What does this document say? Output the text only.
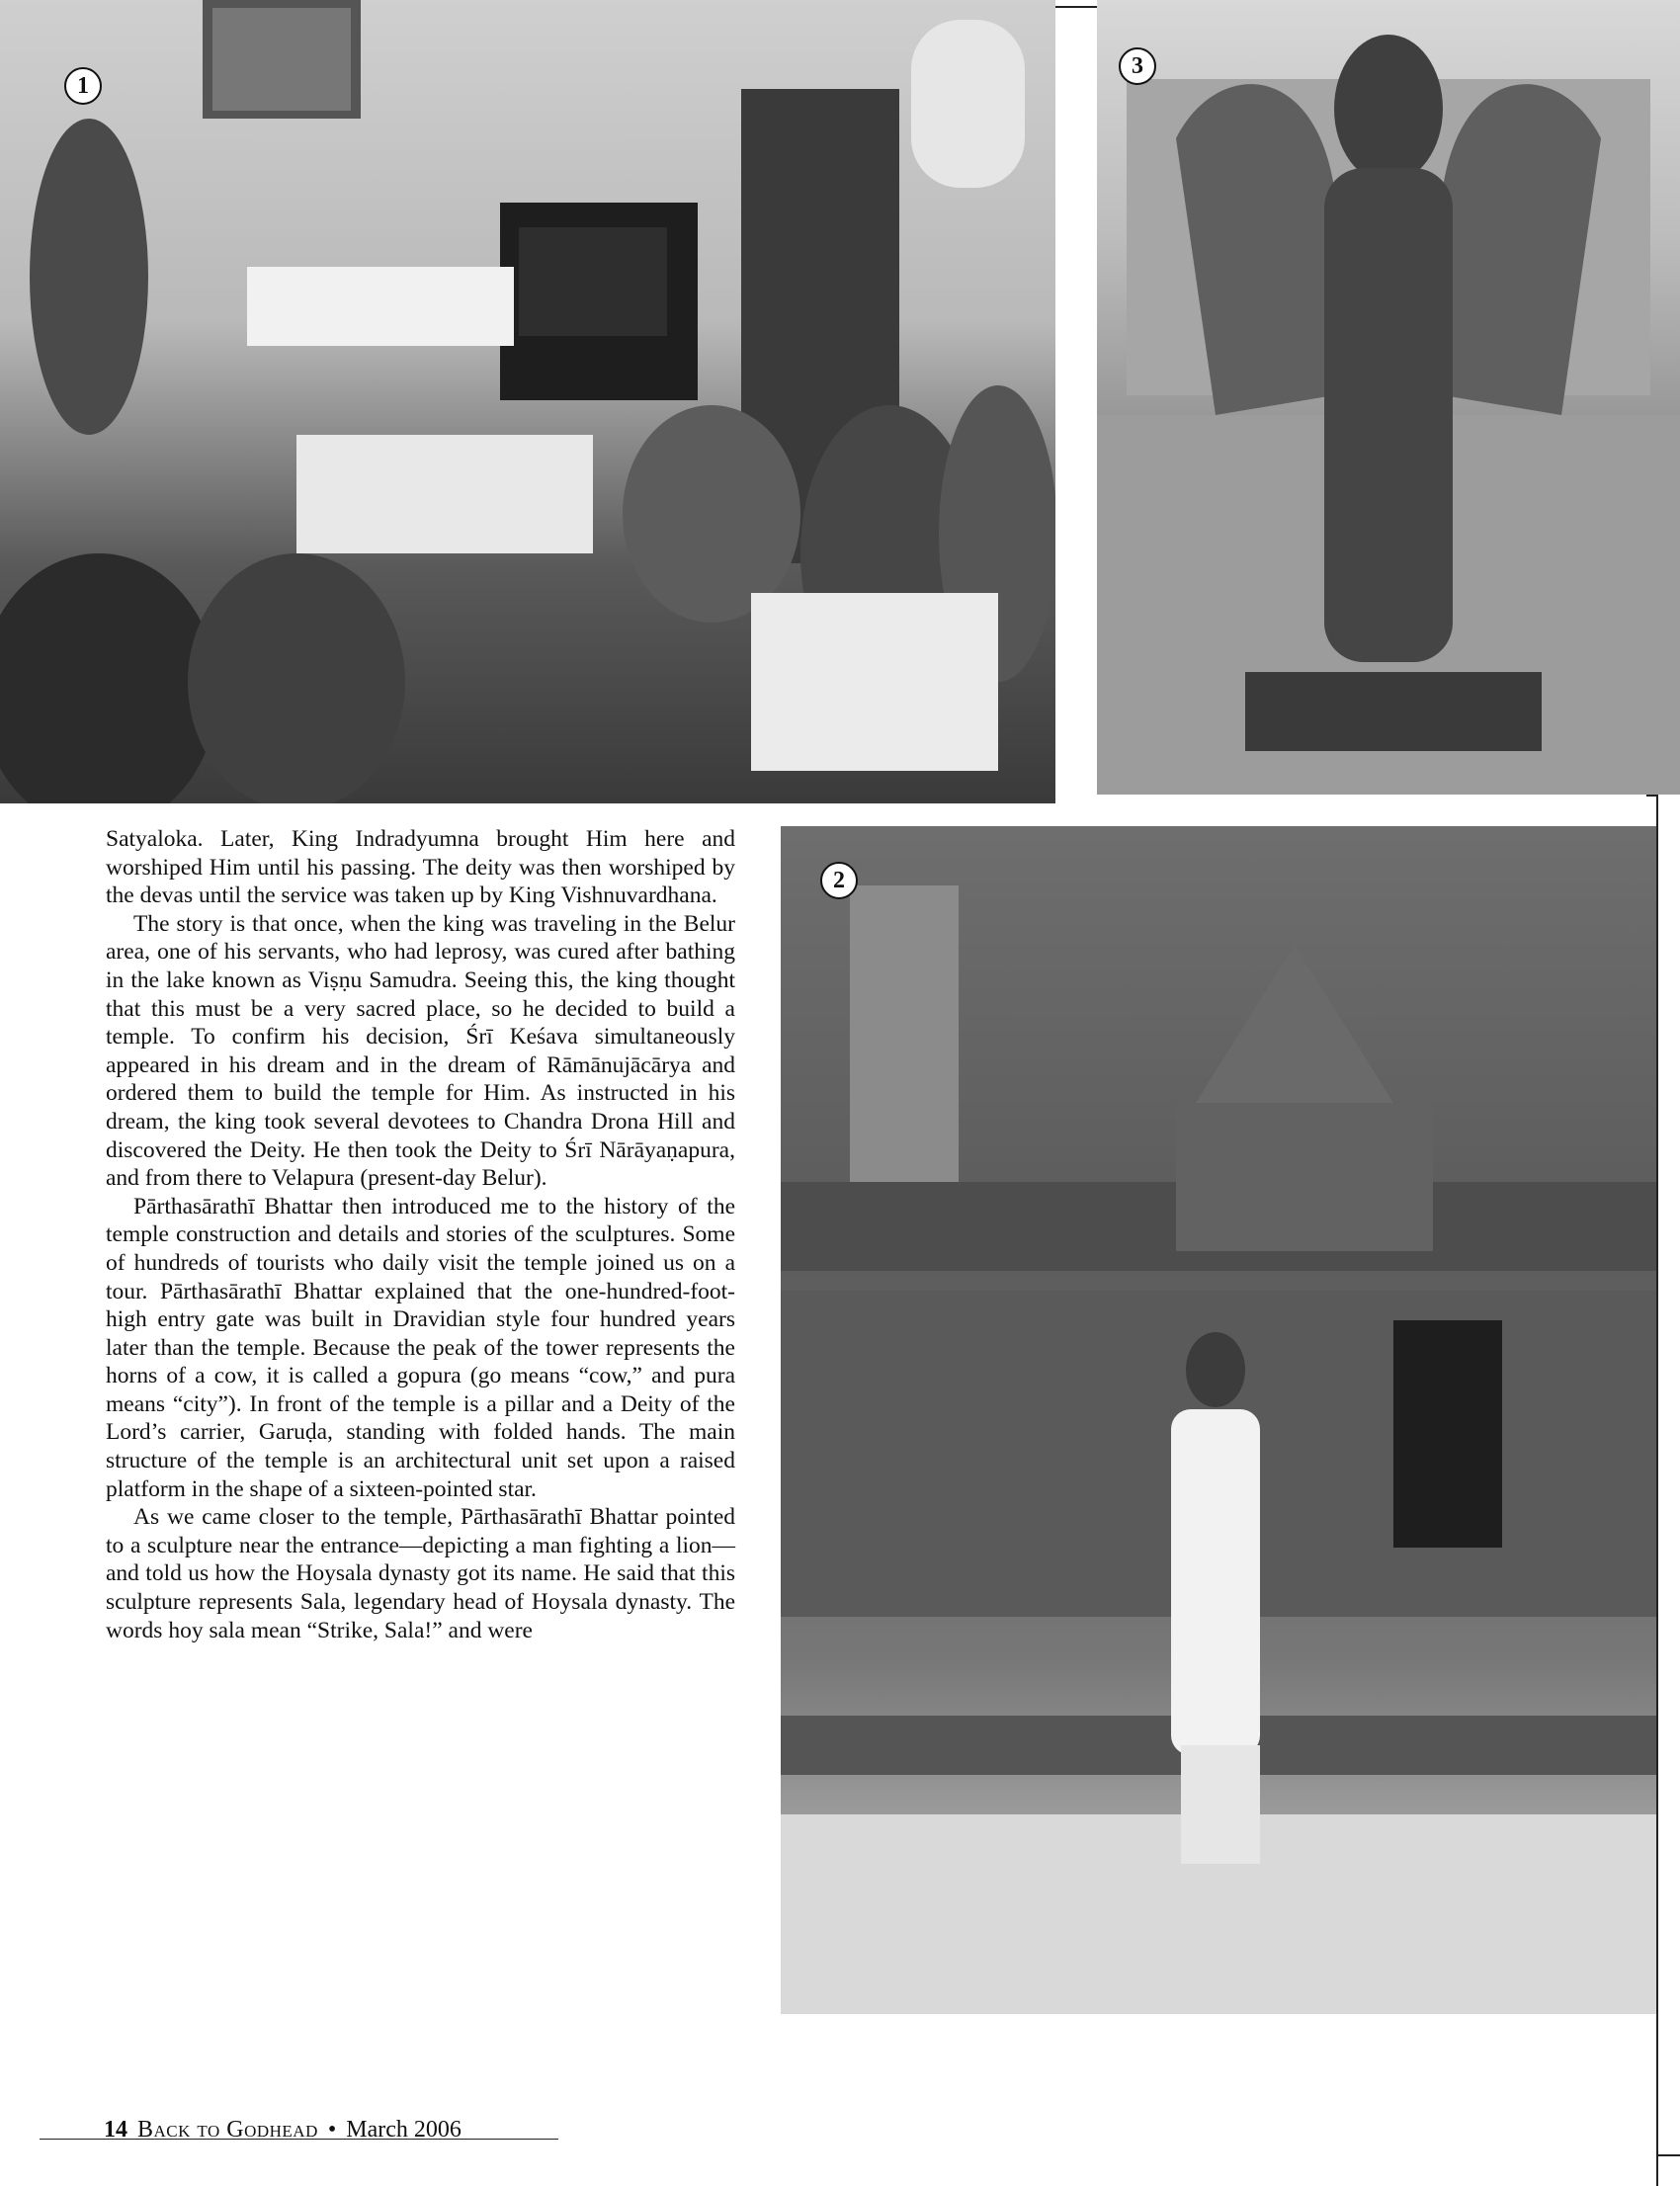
1
3
2

Satyaloka. Later, King Indradyumna brought Him here and worshiped Him until his passing. The deity was then worshiped by the devas until the service was taken up by King Vishnuvardhana.

The story is that once, when the king was traveling in the Belur area, one of his servants, who had leprosy, was cured after bathing in the lake known as Viṣṇu Samudra. Seeing this, the king thought that this must be a very sacred place, so he decided to build a temple. To confirm his decision, Śrī Keśava simultaneously appeared in his dream and in the dream of Rāmānujācārya and ordered them to build the temple for Him. As instructed in his dream, the king took several devotees to Chandra Drona Hill and discovered the Deity. He then took the Deity to Śrī Nārāyaṇapura, and from there to Velapura (present-day Belur).

Pārthasārathī Bhattar then introduced me to the history of the temple construction and details and stories of the sculptures. Some of hundreds of tourists who daily visit the temple joined us on a tour. Pārthasārathī Bhattar explained that the one-hundred-foot-high entry gate was built in Dravidian style four hundred years later than the temple. Because the peak of the tower represents the horns of a cow, it is called a gopura (go means “cow,” and pura means “city”). In front of the temple is a pillar and a Deity of the Lord’s carrier, Garuḍa, standing with folded hands. The main structure of the temple is an architectural unit set upon a raised platform in the shape of a sixteen-pointed star.

As we came closer to the temple, Pārthasārathī Bhattar pointed to a sculpture near the entrance—depicting a man fighting a lion—and told us how the Hoysala dynasty got its name. He said that this sculpture represents Sala, legendary head of Hoysala dynasty. The words hoy sala mean “Strike, Sala!” and were

14 Back to Godhead • March 2006
